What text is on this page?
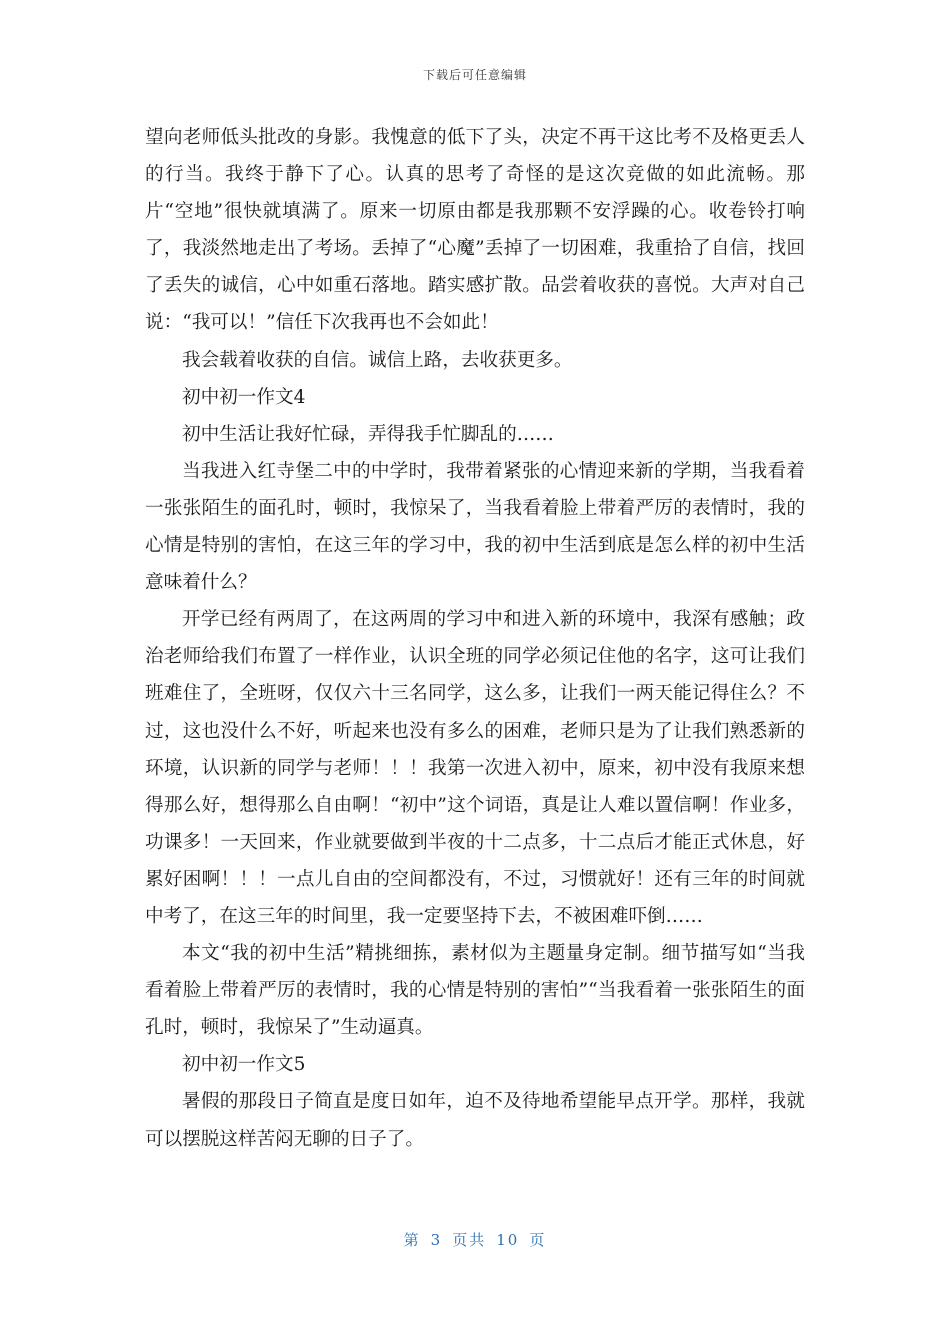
下载后可任意编辑

望向老师低头批改的身影。我愧意的低下了头，决定不再干这比考不及格更丢人的行当。我终于静下了心。认真的思考了奇怪的是这次竞做的如此流畅。那片“空地”很快就填满了。原来一切原由都是我那颗不安浮躁的心。收卷铃打响了，我淡然地走出了考场。丢掉了“心魔”丢掉了一切困难，我重拾了自信，找回了丢失的诚信，心中如重石落地。踏实感扩散。品尝着收获的喜悦。大声对自己说：“我可以！”信任下次我再也不会如此！

我会载着收获的自信。诚信上路，去收获更多。

初中初一作文4

初中生活让我好忙碌，弄得我手忙脚乱的……

当我进入红寺堡二中的中学时，我带着紧张的心情迎来新的学期，当我看着一张张陌生的面孔时，顿时，我惊呆了，当我看着脸上带着严厉的表情时，我的心情是特别的害怕，在这三年的学习中，我的初中生活到底是怎么样的初中生活意味着什么？

开学已经有两周了，在这两周的学习中和进入新的环境中，我深有感触；政治老师给我们布置了一样作业，认识全班的同学必须记住他的名字，这可让我们班难住了，全班呀，仅仅六十三名同学，这么多，让我们一两天能记得住么？不过，这也没什么不好，听起来也没有多么的困难，老师只是为了让我们熟悉新的环境，认识新的同学与老师！！！我第一次进入初中，原来，初中没有我原来想得那么好，想得那么自由啊！“初中”这个词语，真是让人难以置信啊！作业多，功课多！一天回来，作业就要做到半夜的十二点多，十二点后才能正式休息，好累好困啊！！！一点儿自由的空间都没有，不过，习惯就好！还有三年的时间就中考了，在这三年的时间里，我一定要坚持下去，不被困难吓倒……

本文“我的初中生活”精挑细拣，素材似为主题量身定制。细节描写如“当我看着脸上带着严厉的表情时，我的心情是特别的害怕”“当我看着一张张陌生的面孔时，顿时，我惊呆了”生动逼真。

初中初一作文5

暑假的那段日子简直是度日如年，迫不及待地希望能早点开学。那样，我就可以摆脱这样苦闷无聊的日子了。

第 3 页共 10 页
